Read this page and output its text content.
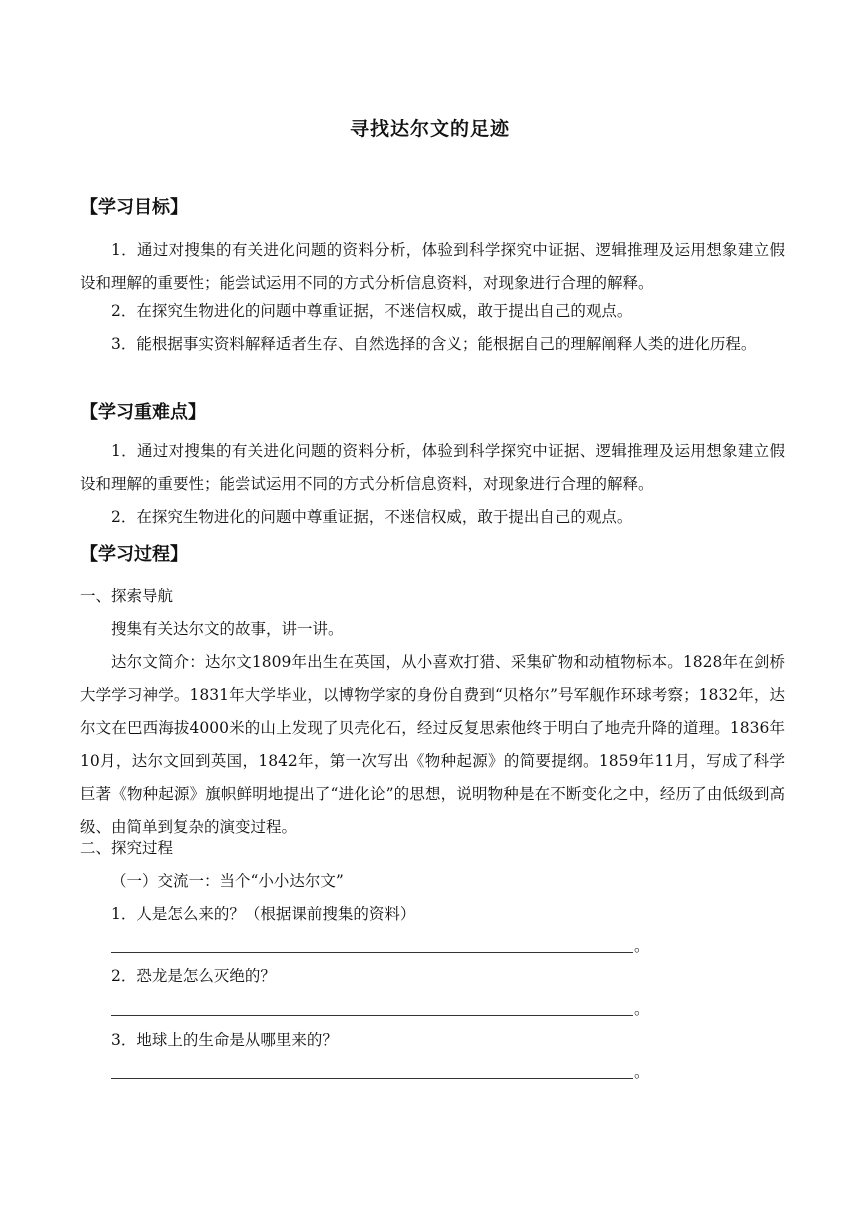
寻找达尔文的足迹
【学习目标】

1．通过对搜集的有关进化问题的资料分析，体验到科学探究中证据、逻辑推理及运用想象建立假设和理解的重要性；能尝试运用不同的方式分析信息资料，对现象进行合理的解释。

2．在探究生物进化的问题中尊重证据，不迷信权威，敢于提出自己的观点。

3．能根据事实资料解释适者生存、自然选择的含义；能根据自己的理解阐释人类的进化历程。

【学习重难点】

1．通过对搜集的有关进化问题的资料分析，体验到科学探究中证据、逻辑推理及运用想象建立假设和理解的重要性；能尝试运用不同的方式分析信息资料，对现象进行合理的解释。

2．在探究生物进化的问题中尊重证据，不迷信权威，敢于提出自己的观点。

【学习过程】
一、探索导航
搜集有关达尔文的故事，讲一讲。

达尔文简介：达尔文1809年出生在英国，从小喜欢打猎、采集矿物和动植物标本。1828年在剑桥大学学习神学。1831年大学毕业，以博物学家的身份自费到“贝格尔”号军舰作环球考察；1832年，达尔文在巴西海拔4000米的山上发现了贝壳化石，经过反复思索他终于明白了地壳升降的道理。1836年10月，达尔文回到英国，1842年，第一次写出《物种起源》的简要提纲。1859年11月，写成了科学巨著《物种起源》旗帜鲜明地提出了“进化论”的思想，说明物种是在不断变化之中，经历了由低级到高级、由简单到复杂的演变过程。

二、探究过程
（一）交流一：当个“小小达尔文”
1．人是怎么来的？（根据课前搜集的资料）
。
2．恐龙是怎么灭绝的？
。
3．地球上的生命是从哪里来的？
。
